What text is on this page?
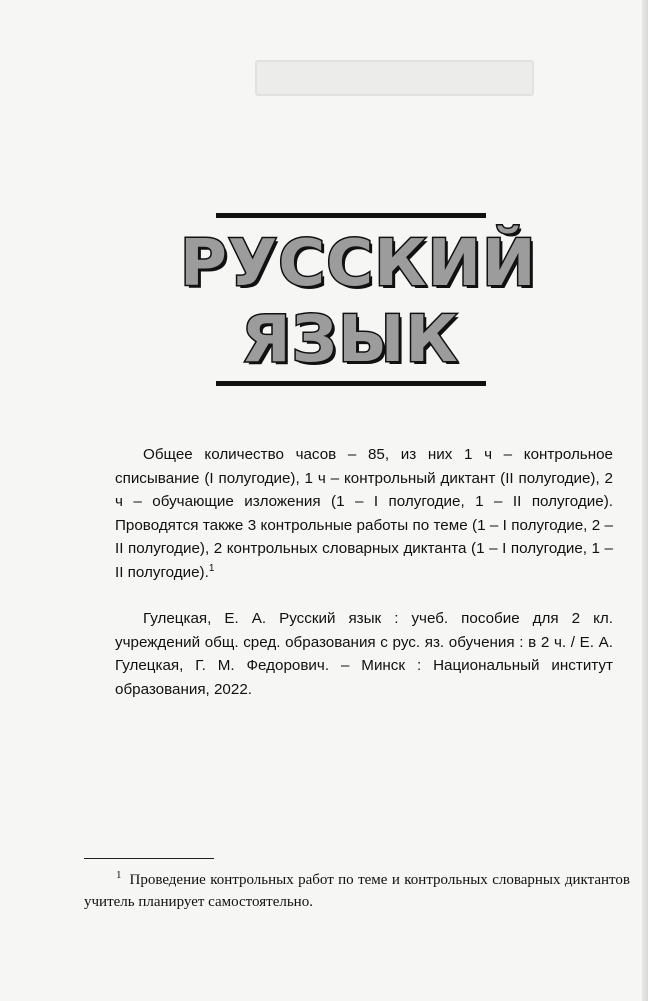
РУССКИЙ
ЯЗЫК
Общее количество часов – 85, из них 1 ч – контрольное списывание (I полугодие), 1 ч – контрольный диктант (II полугодие), 2 ч – обучающие изложения (1 – I полугодие, 1 – II полугодие). Проводятся также 3 контрольные работы по теме (1 – I полугодие, 2 – II полугодие), 2 контрольных словарных диктанта (1 – I полугодие, 1 – II полугодие).$^1$
Гулецкая, Е. А. Русский язык : учеб. пособие для 2 кл. учреждений общ. сред. образования с рус. яз. обучения : в 2 ч. / Е. А. Гулецкая, Г. М. Федорович. – Минск : Национальный институт образования, 2022.
$^1$ Проведение контрольных работ по теме и контрольных словарных диктантов учитель планирует самостоятельно.
